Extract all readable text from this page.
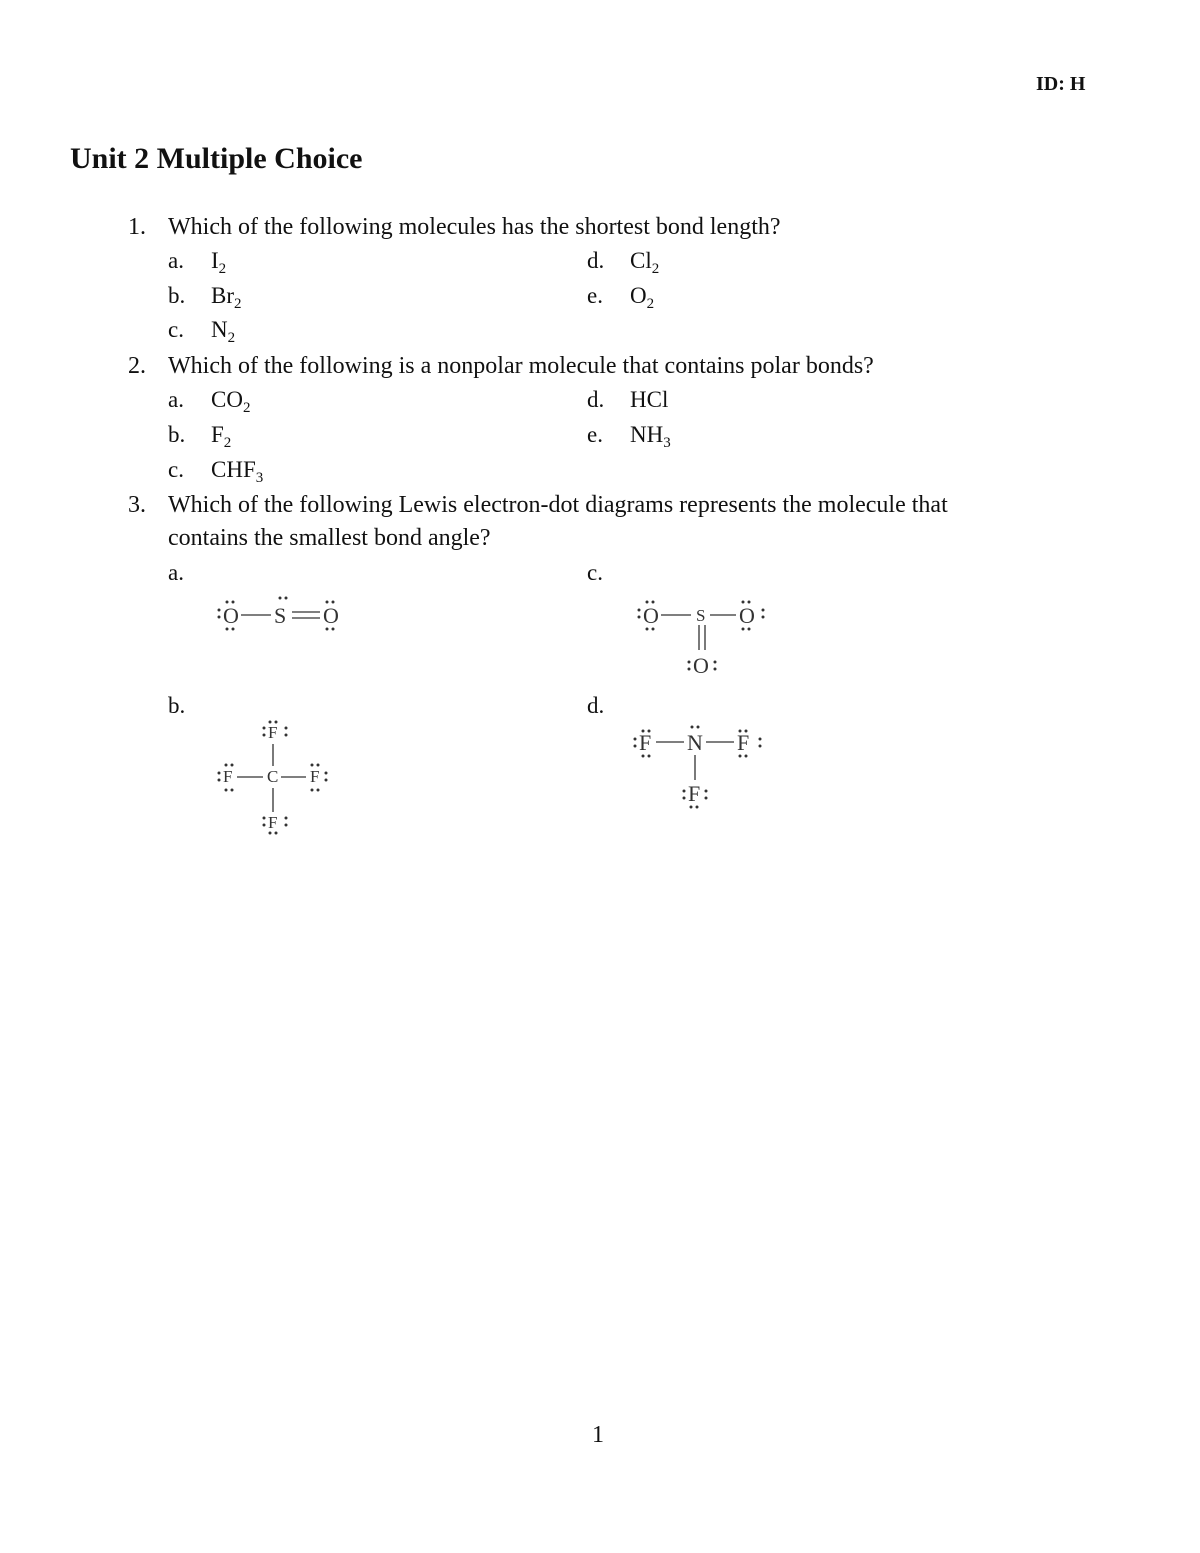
ID: H
Unit 2 Multiple Choice
1. Which of the following molecules has the shortest bond length?
a. $I_2$
b. $Br_2$
c. $N_2$
d. $Cl_2$
e. $O_2$
2. Which of the following is a nonpolar molecule that contains polar bonds?
a. $CO_2$
b. $F_2$
c. $CHF_3$
d. HCl
e. $NH_3$
3. Which of the following Lewis electron-dot diagrams represents the molecule that
contains the smallest bond angle?
a.	c.
b.	d.
O S O	O S O
O
F
F C F
F
F N F
F
1
